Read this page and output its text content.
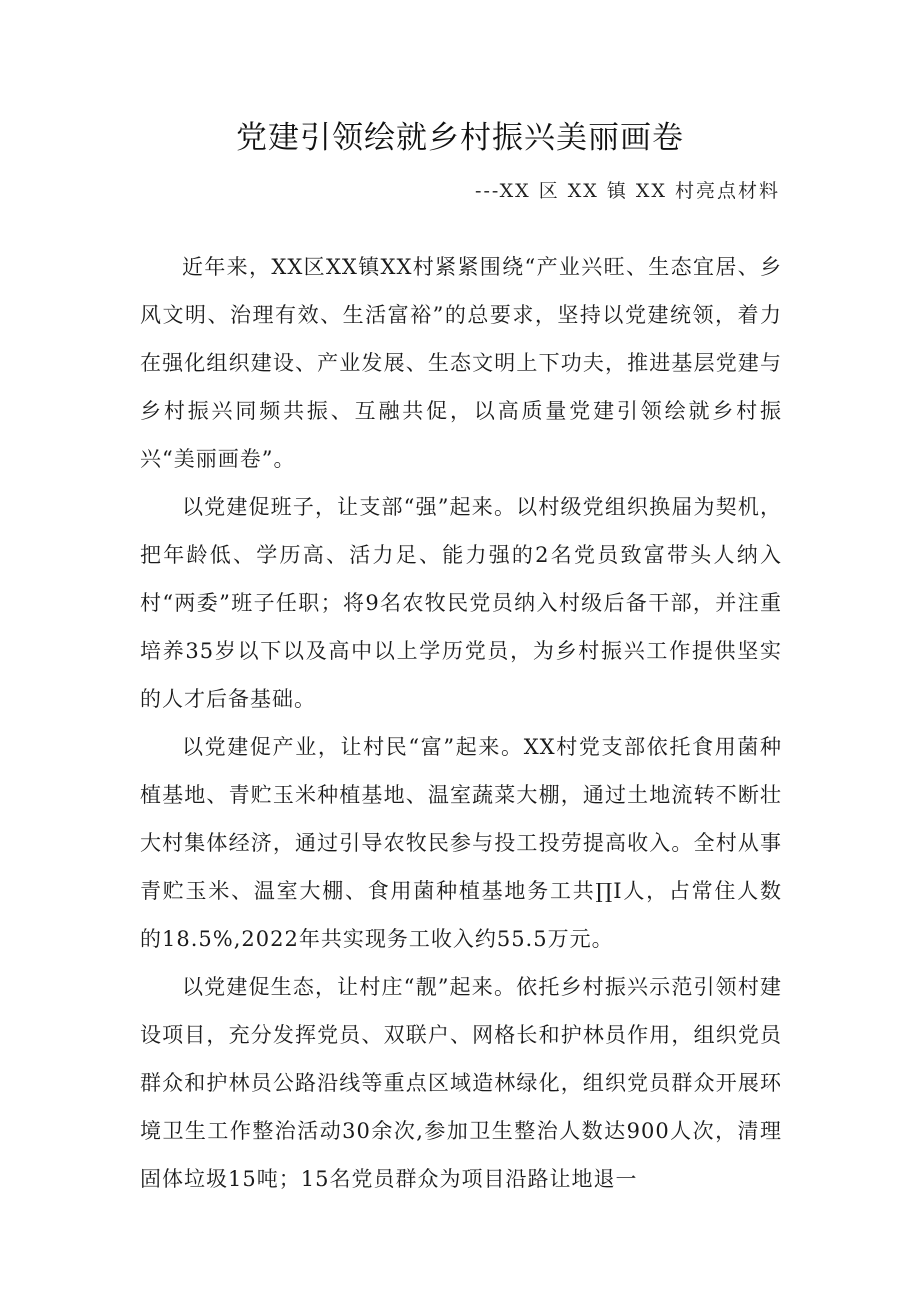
党建引领绘就乡村振兴美丽画卷

---XX 区 XX 镇 XX 村亮点材料

近年来，XX区XX镇XX村紧紧围绕“产业兴旺、生态宜居、乡风文明、治理有效、生活富裕”的总要求，坚持以党建统领，着力在强化组织建设、产业发展、生态文明上下功夫，推进基层党建与乡村振兴同频共振、互融共促，以高质量党建引领绘就乡村振兴“美丽画卷”。

以党建促班子，让支部“强”起来。以村级党组织换届为契机，把年龄低、学历高、活力足、能力强的2名党员致富带头人纳入村“两委”班子任职；将9名农牧民党员纳入村级后备干部，并注重培养35岁以下以及高中以上学历党员，为乡村振兴工作提供坚实的人才后备基础。

以党建促产业，让村民“富”起来。XX村党支部依托食用菌种植基地、青贮玉米种植基地、温室蔬菜大棚，通过土地流转不断壮大村集体经济，通过引导农牧民参与投工投劳提高收入。全村从事青贮玉米、温室大棚、食用菌种植基地务工共∏I人，占常住人数的18.5%,2022年共实现务工收入约55.5万元。

以党建促生态，让村庄“靓”起来。依托乡村振兴示范引领村建设项目，充分发挥党员、双联户、网格长和护林员作用，组织党员群众和护林员公路沿线等重点区域造林绿化，组织党员群众开展环境卫生工作整治活动30余次,参加卫生整治人数达900人次，清理固体垃圾15吨；15名党员群众为项目沿路让地退一
